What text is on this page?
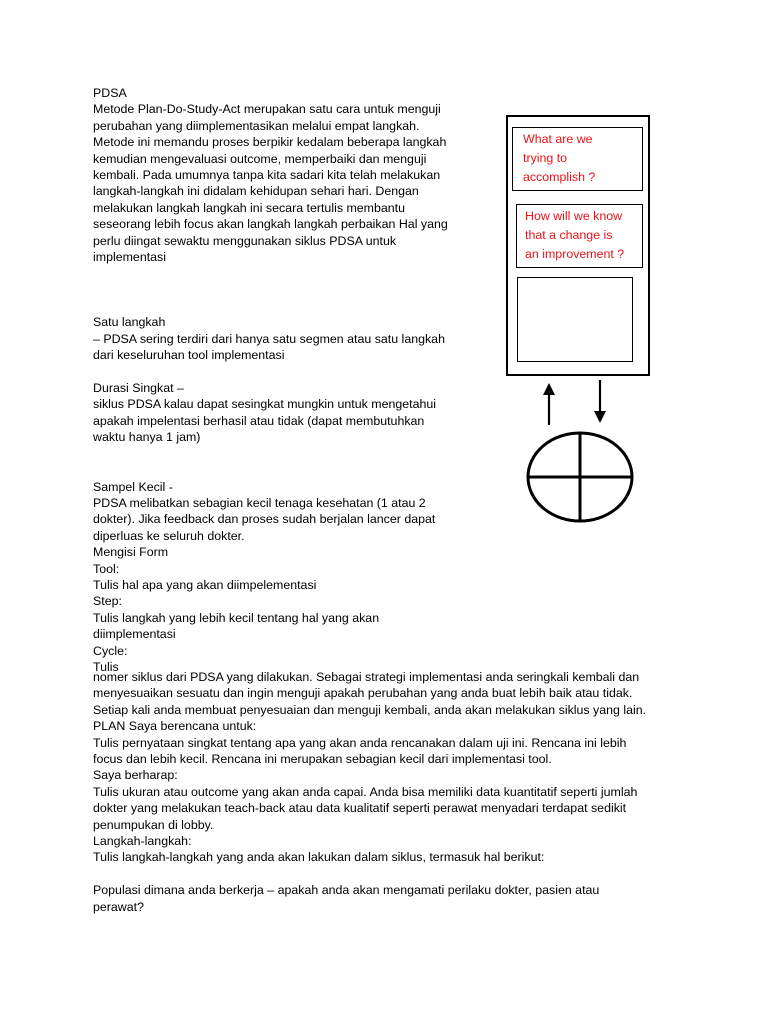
PDSA
Metode Plan-Do-Study-Act merupakan satu cara untuk menguji
perubahan yang diimplementasikan melalui empat langkah.
Metode ini memandu proses berpikir kedalam beberapa langkah
kemudian mengevaluasi outcome, memperbaiki dan menguji
kembali. Pada umumnya tanpa kita sadari kita telah melakukan
langkah-langkah ini didalam kehidupan sehari hari. Dengan
melakukan langkah langkah ini secara tertulis membantu
seseorang lebih focus akan langkah langkah perbaikan Hal yang
perlu diingat sewaktu menggunakan siklus PDSA untuk
implementasi
Satu langkah
– PDSA sering terdiri dari hanya satu segmen atau satu langkah
dari keseluruhan tool implementasi
Durasi Singkat –
siklus PDSA kalau dapat sesingkat mungkin untuk mengetahui
apakah impelentasi berhasil atau tidak (dapat membutuhkan
waktu hanya 1 jam)
Sampel Kecil -
PDSA melibatkan sebagian kecil tenaga kesehatan (1 atau 2
dokter). Jika feedback dan proses sudah berjalan lancer dapat
diperluas ke seluruh dokter.
Mengisi Form
Tool:
Tulis hal apa yang akan diimpelementasi
Step:
Tulis langkah yang lebih kecil tentang hal yang akan
diimplementasi
Cycle:
Tulis
nomer siklus dari PDSA yang dilakukan. Sebagai strategi implementasi anda seringkali kembali dan
menyesuaikan sesuatu dan ingin menguji apakah perubahan yang anda buat lebih baik atau tidak.
Setiap kali anda membuat penyesuaian dan menguji kembali, anda akan melakukan siklus yang lain.
PLAN Saya berencana untuk:
Tulis pernyataan singkat tentang apa yang akan anda rencanakan dalam uji ini. Rencana ini lebih
focus dan lebih kecil. Rencana ini merupakan sebagian kecil dari implementasi tool.
Saya berharap:
Tulis ukuran atau outcome yang akan anda capai. Anda bisa memiliki data kuantitatif seperti jumlah
dokter yang melakukan teach-back atau data kualitatif seperti perawat menyadari terdapat sedikit
penumpukan di lobby.
Langkah-langkah:
Tulis langkah-langkah yang anda akan lakukan dalam siklus, termasuk hal berikut:
Populasi dimana anda berkerja – apakah anda akan mengamati perilaku dokter, pasien atau
perawat?
What are we
trying to
accomplish ?
How will we know
that a change is
an improvement ?
